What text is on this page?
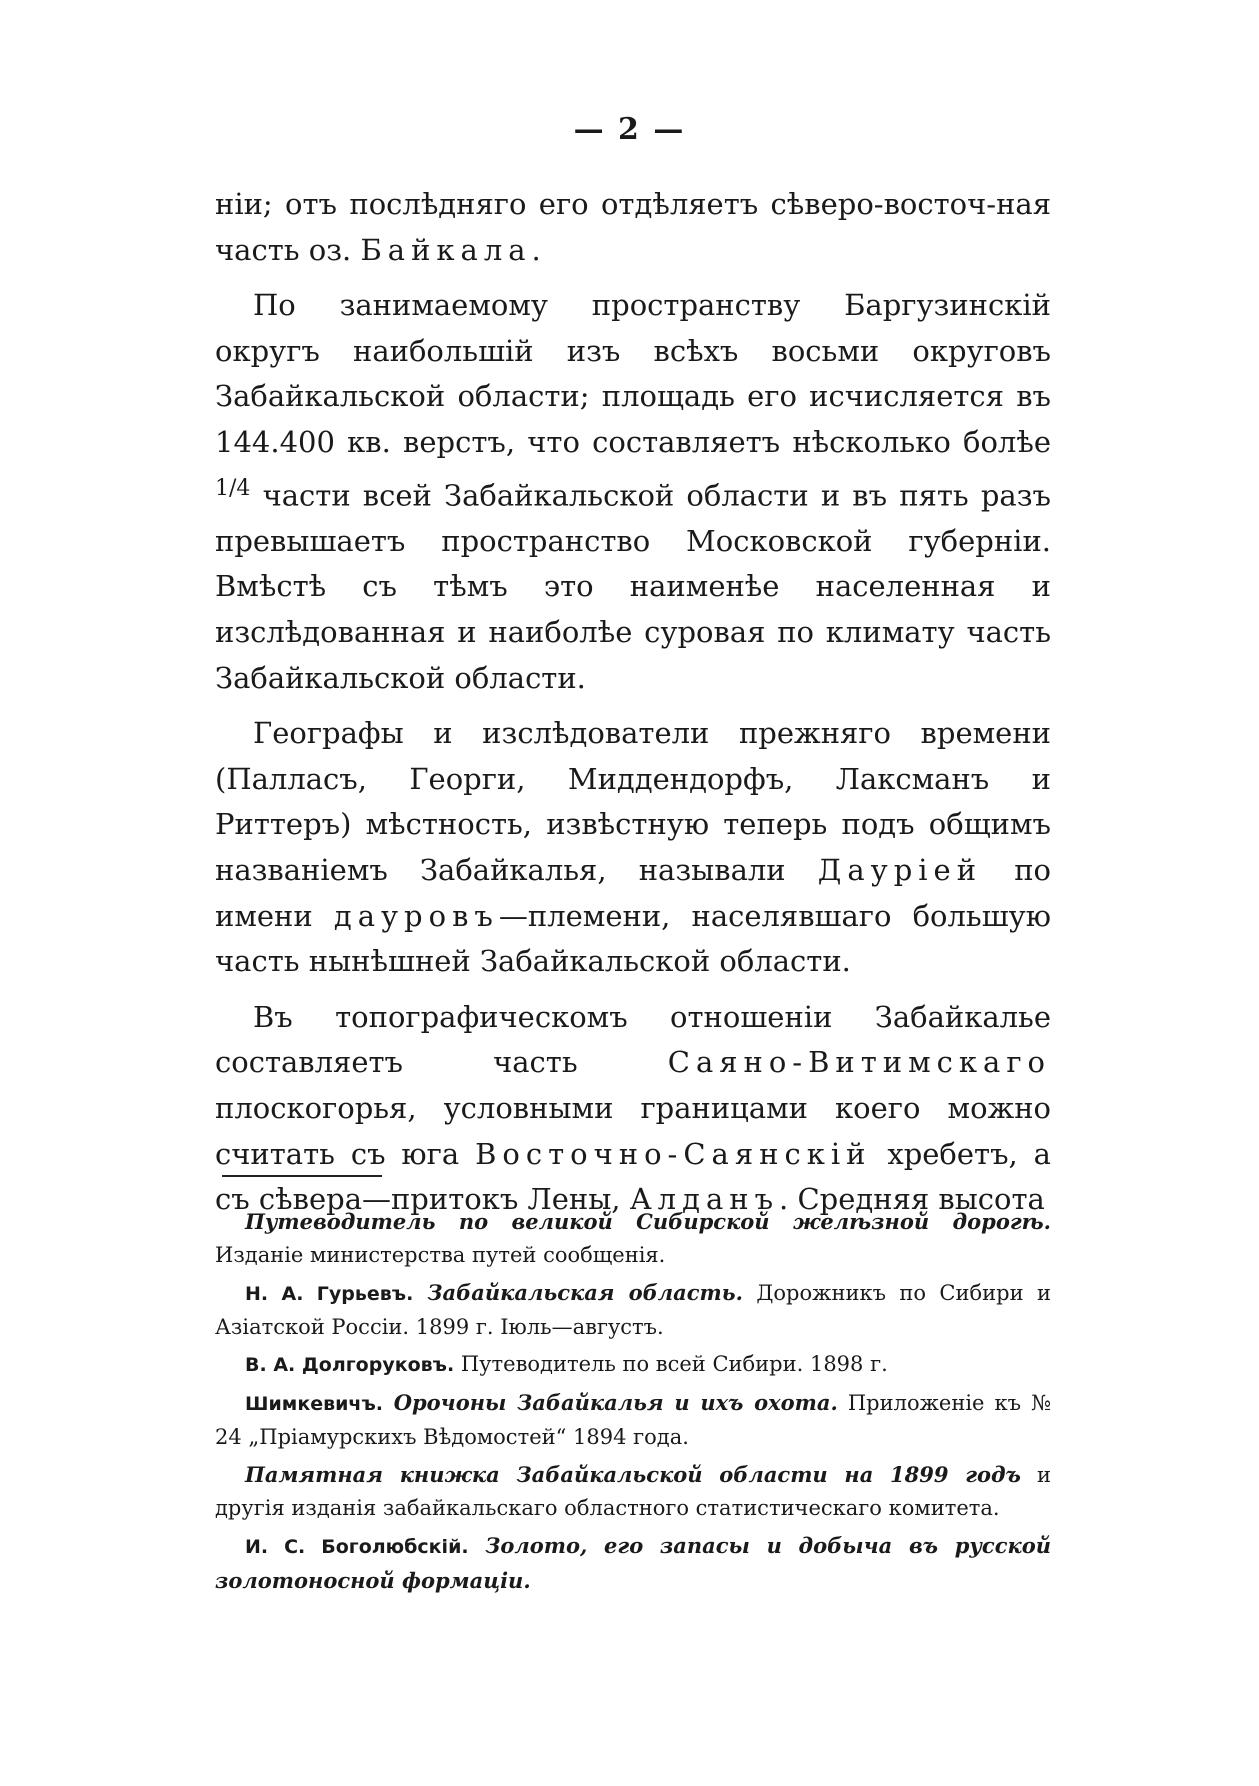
— 2 —

нiи; отъ послѣдняго его отдѣляетъ сѣверо-восточ-ная часть оз. Байкала.

По занимаемому пространству Баргузинскiй округъ наибольшiй изъ всѣхъ восьми округовъ Забайкальской области; площадь его исчисляется въ 144.400 кв. верстъ, что составляетъ нѣсколько болѣе $^{1/4}$ части всей Забайкальской области и въ пять разъ превышаетъ пространство Московской губернiи. Вмѣстѣ съ тѣмъ это наименѣе населенная и изслѣдованная и наиболѣе суровая по климату часть Забайкальской области.

Географы и изслѣдователи прежняго времени (Палласъ, Георги, Миддендорфъ, Лаксманъ и Риттеръ) мѣстность, извѣстную теперь подъ общимъ названiемъ Забайкалья, называли Даурiей по имени дауровъ—племени, населявшаго большую часть нынѣшней Забайкальской области.

Въ топографическомъ отношенiи Забайкалье составляетъ часть Саяно-Витимскаго плоскогорья, условными границами коего можно считать съ юга Восточно-Саянскiй хребетъ, а съ сѣвера—притокъ Лены, Алданъ. Средняя высота

Путеводитель по великой Сибирской желѣзной дорогѣ. Изданiе министерства путей сообщенiя.

Н. А. Гурьевъ. Забайкальская область. Дорожникъ по Сибири и Азiатской Россiи. 1899 г. Iюль—августъ.

В. А. Долгоруковъ. Путеводитель по всей Сибири. 1898 г.

Шимкевичъ. Орочоны Забайкалья и ихъ охота. Приложенiе къ № 24 „Прiамурскихъ Вѣдомостей“ 1894 года.

Памятная книжка Забайкальской области на 1899 годъ и другiя изданiя забайкальскаго областного статистическаго комитета.

И. С. Боголюбскiй. Золото, его запасы и добыча въ русской золотоносной формацiи.
